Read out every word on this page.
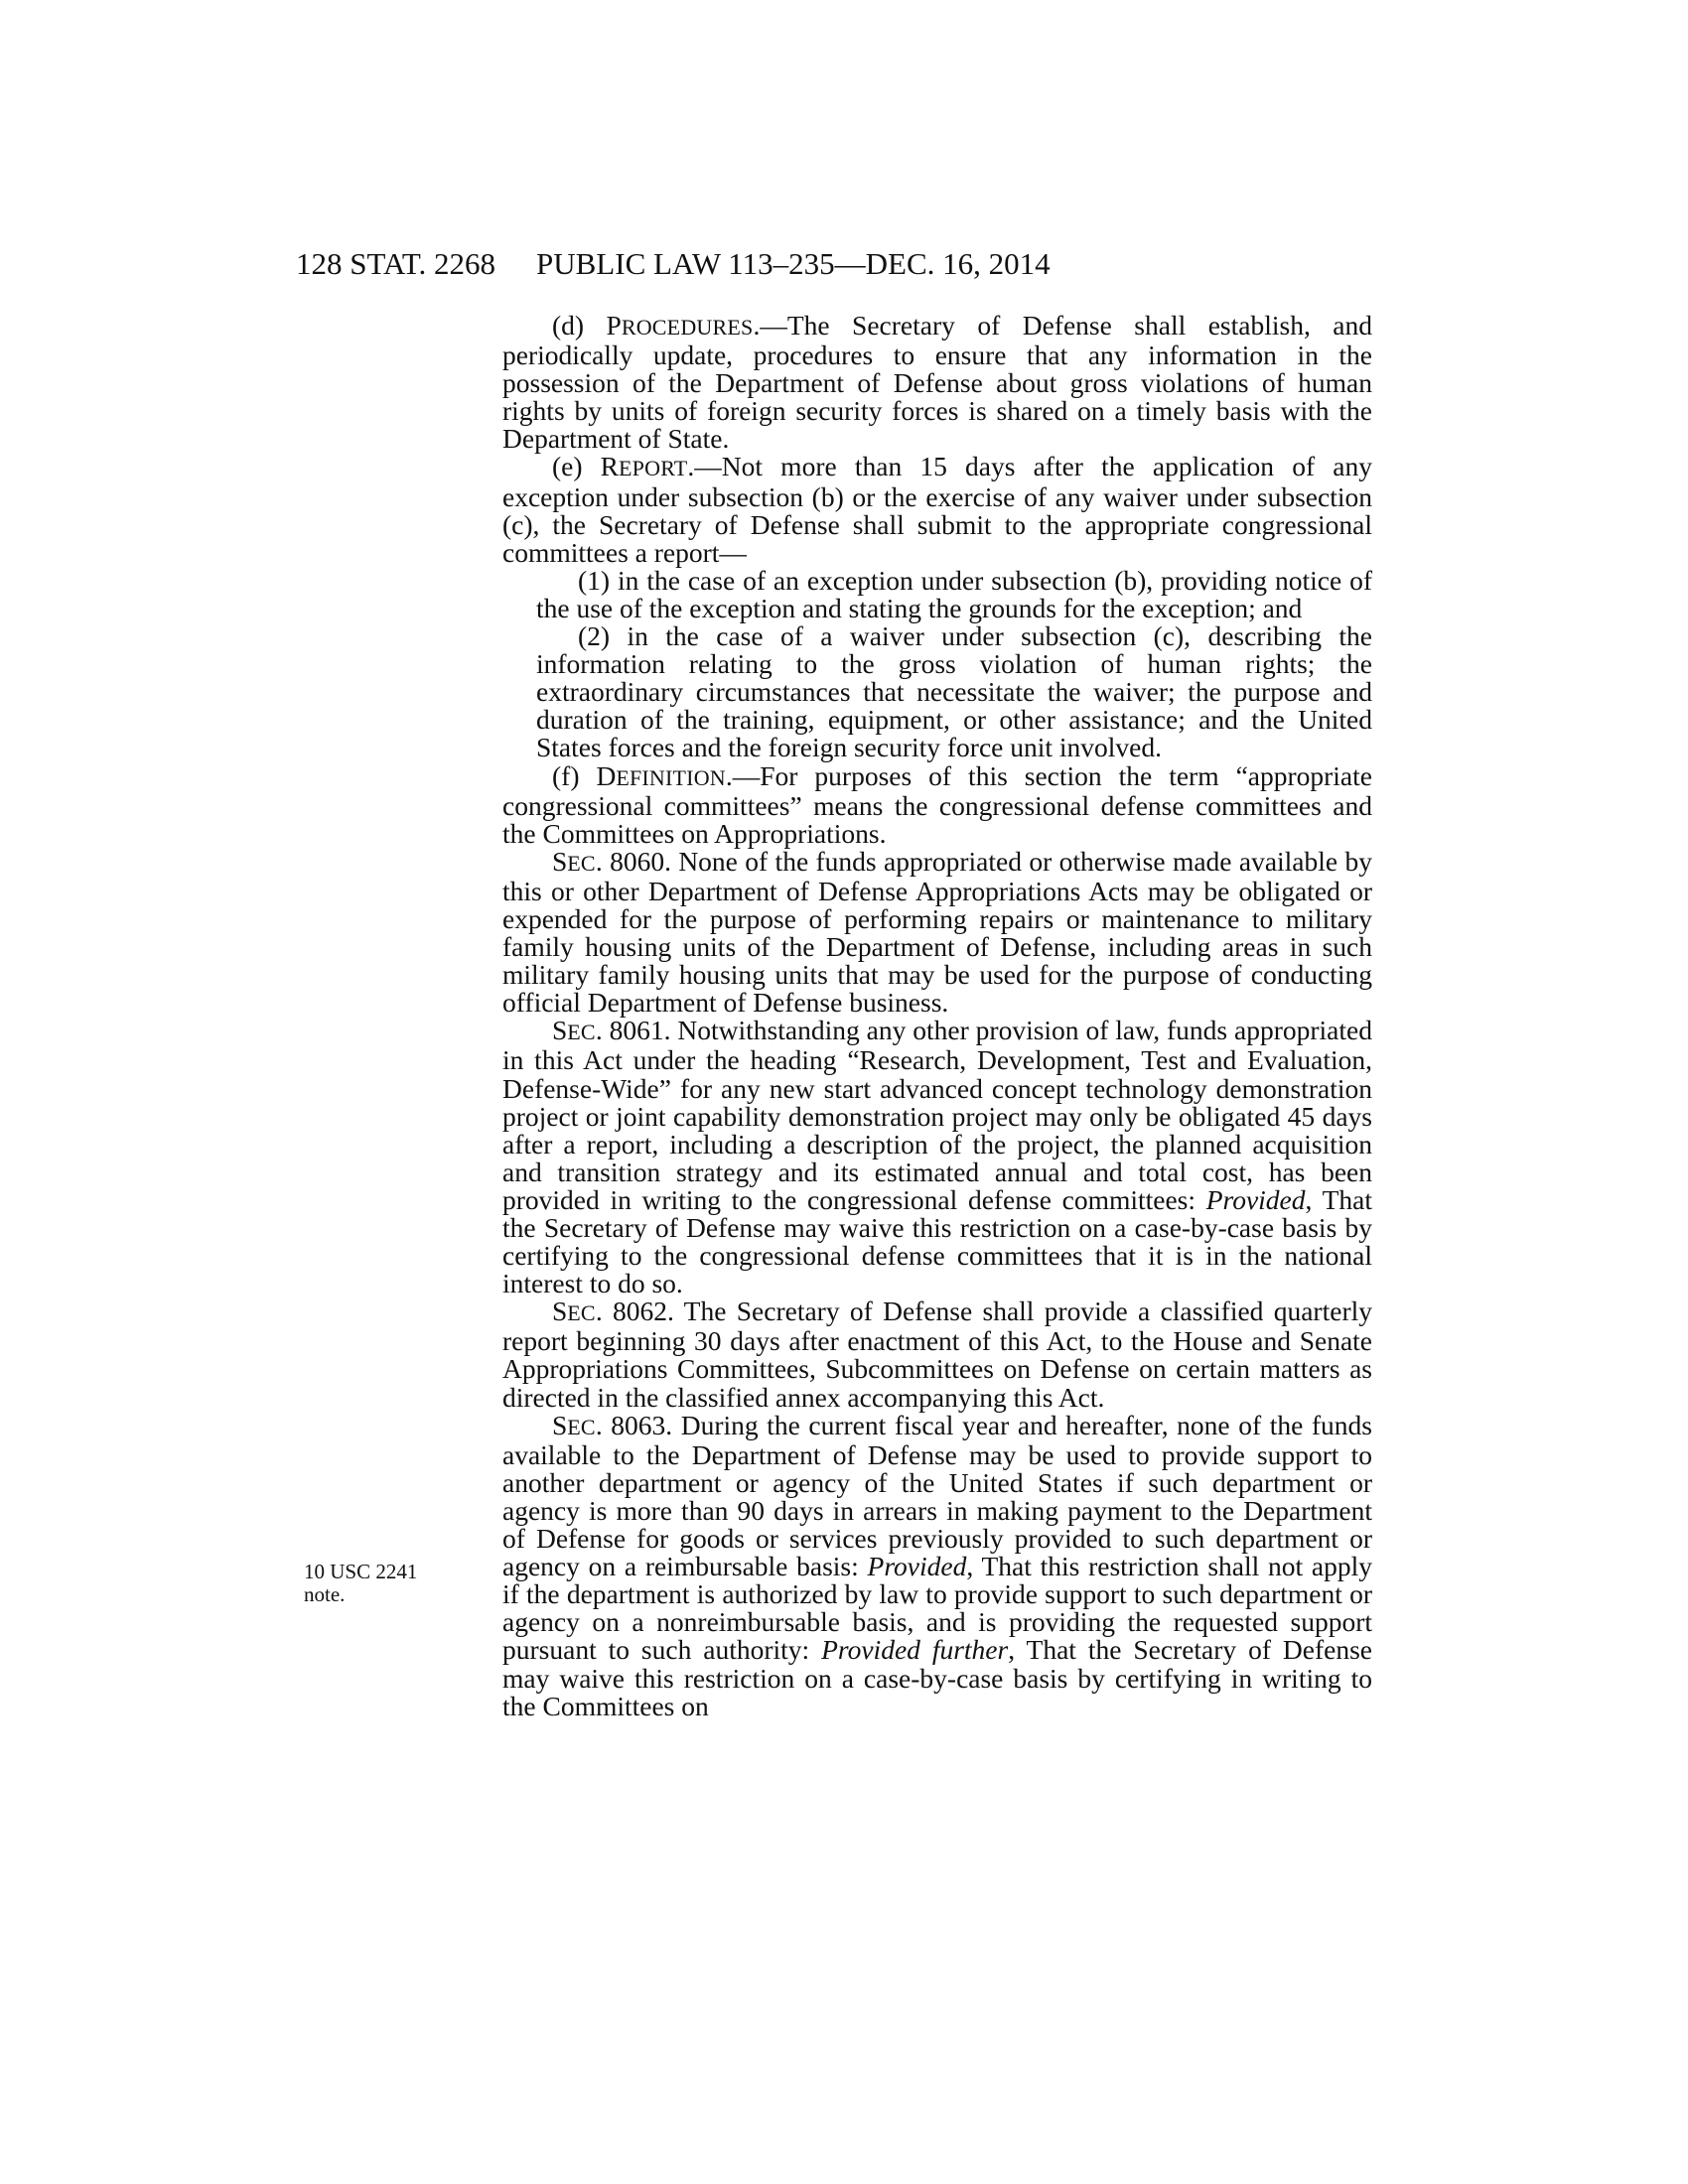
128 STAT. 2268 PUBLIC LAW 113–235—DEC. 16, 2014
10 USC 2241
note.

(d) PROCEDURES.—The Secretary of Defense shall establish, and periodically update, procedures to ensure that any information in the possession of the Department of Defense about gross violations of human rights by units of foreign security forces is shared on a timely basis with the Department of State.

(e) REPORT.—Not more than 15 days after the application of any exception under subsection (b) or the exercise of any waiver under subsection (c), the Secretary of Defense shall submit to the appropriate congressional committees a report—

(1) in the case of an exception under subsection (b), providing notice of the use of the exception and stating the grounds for the exception; and

(2) in the case of a waiver under subsection (c), describing the information relating to the gross violation of human rights; the extraordinary circumstances that necessitate the waiver; the purpose and duration of the training, equipment, or other assistance; and the United States forces and the foreign security force unit involved.

(f) DEFINITION.—For purposes of this section the term “appropriate congressional committees” means the congressional defense committees and the Committees on Appropriations.

SEC. 8060. None of the funds appropriated or otherwise made available by this or other Department of Defense Appropriations Acts may be obligated or expended for the purpose of performing repairs or maintenance to military family housing units of the Department of Defense, including areas in such military family housing units that may be used for the purpose of conducting official Department of Defense business.

SEC. 8061. Notwithstanding any other provision of law, funds appropriated in this Act under the heading “Research, Development, Test and Evaluation, Defense-Wide” for any new start advanced concept technology demonstration project or joint capability demonstration project may only be obligated 45 days after a report, including a description of the project, the planned acquisition and transition strategy and its estimated annual and total cost, has been provided in writing to the congressional defense committees: Provided, That the Secretary of Defense may waive this restriction on a case-by-case basis by certifying to the congressional defense committees that it is in the national interest to do so.

SEC. 8062. The Secretary of Defense shall provide a classified quarterly report beginning 30 days after enactment of this Act, to the House and Senate Appropriations Committees, Subcommittees on Defense on certain matters as directed in the classified annex accompanying this Act.

SEC. 8063. During the current fiscal year and hereafter, none of the funds available to the Department of Defense may be used to provide support to another department or agency of the United States if such department or agency is more than 90 days in arrears in making payment to the Department of Defense for goods or services previously provided to such department or agency on a reimbursable basis: Provided, That this restriction shall not apply if the department is authorized by law to provide support to such department or agency on a nonreimbursable basis, and is providing the requested support pursuant to such authority: Provided further, That the Secretary of Defense may waive this restriction on a case-by-case basis by certifying in writing to the Committees on
